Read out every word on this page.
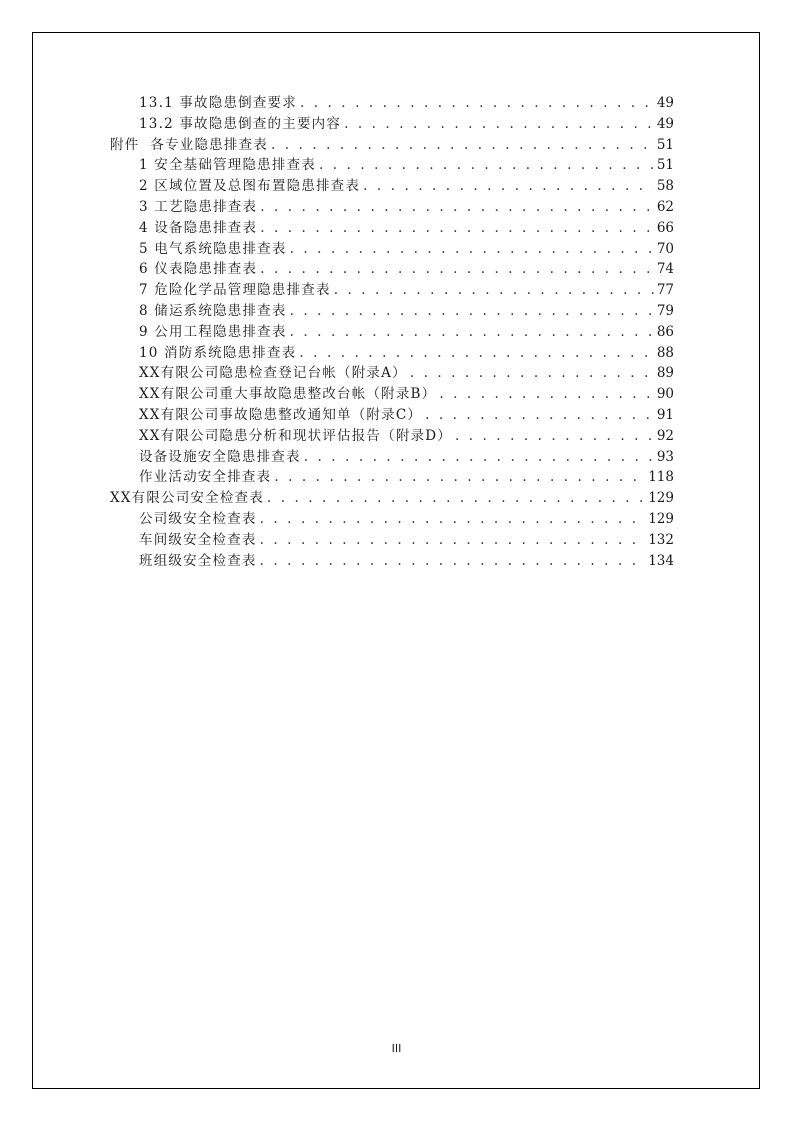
13.1 事故隐患倒查要求 . . .	49
13.2 事故隐患倒查的主要内容 . . .	49
附件  各专业隐患排查表 . . .	51
1 安全基础管理隐患排查表 . . .	51
2 区域位置及总图布置隐患排查表 . . .	58
3 工艺隐患排查表 . . .	62
4 设备隐患排查表 . . .	66
5 电气系统隐患排查表 . . .	70
6 仪表隐患排查表 . . .	74
7 危险化学品管理隐患排查表 . . .	77
8 储运系统隐患排查表 . . .	79
9 公用工程隐患排查表 . . .	86
10 消防系统隐患排查表 . . .	88
XX有限公司隐患检查登记台帐（附录A） . . .	89
XX有限公司重大事故隐患整改台帐（附录B） . . .	90
XX有限公司事故隐患整改通知单（附录C） . . .	91
XX有限公司隐患分析和现状评估报告（附录D） . . .	92
设备设施安全隐患排查表 . . .	93
作业活动安全排查表 . . .	118
XX有限公司安全检查表 . . .	129
公司级安全检查表 . . .	129
车间级安全检查表 . . .	132
班组级安全检查表 . . .	134
III
